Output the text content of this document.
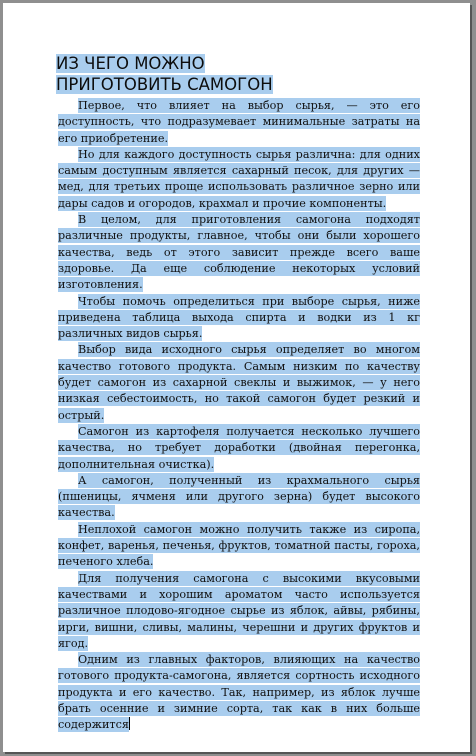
ИЗ ЧЕГО МОЖНО
ПРИГОТОВИТЬ САМОГОН

Первое, что влияет на выбор сырья, — это его доступность, что подразумевает минимальные затраты на его приобретение.

Но для каждого доступность сырья различна: для одних самым доступным является сахарный песок, для других — мед, для третьих проще использовать различное зерно или дары садов и огородов, крахмал и прочие компоненты.

В целом, для приготовления самогона подходят различные продукты, главное, чтобы они были хорошего качества, ведь от этого зависит прежде всего ваше здоровье. Да еще соблюдение некоторых условий изготовления.

Чтобы помочь определиться при выборе сырья, ниже приведена таблица выхода спирта и водки из 1 кг различных видов сырья.

Выбор вида исходного сырья определяет во многом качество готового продукта. Самым низким по качеству будет самогон из сахарной свеклы и выжимок, — у него низкая себестоимость, но такой самогон будет резкий и острый.

Самогон из картофеля получается несколько лучшего качества, но требует доработки (двойная перегонка, дополнительная очистка).

А самогон, полученный из крахмального сырья (пшеницы, ячменя или другого зерна) будет высокого качества.

Неплохой самогон можно получить также из сиропа, конфет, варенья, печенья, фруктов, томатной пасты, гороха, печеного хлеба.

Для получения самогона с высокими вкусовыми качествами и хорошим ароматом часто используется различное плодово-ягодное сырье из яблок, айвы, рябины, ирги, вишни, сливы, малины, черешни и других фруктов и ягод.

Одним из главных факторов, влияющих на качество готового продукта-самогона, является сортность исходного продукта и его качество. Так, например, из яблок лучше брать осенние и зимние сорта, так как в них больше содержится
